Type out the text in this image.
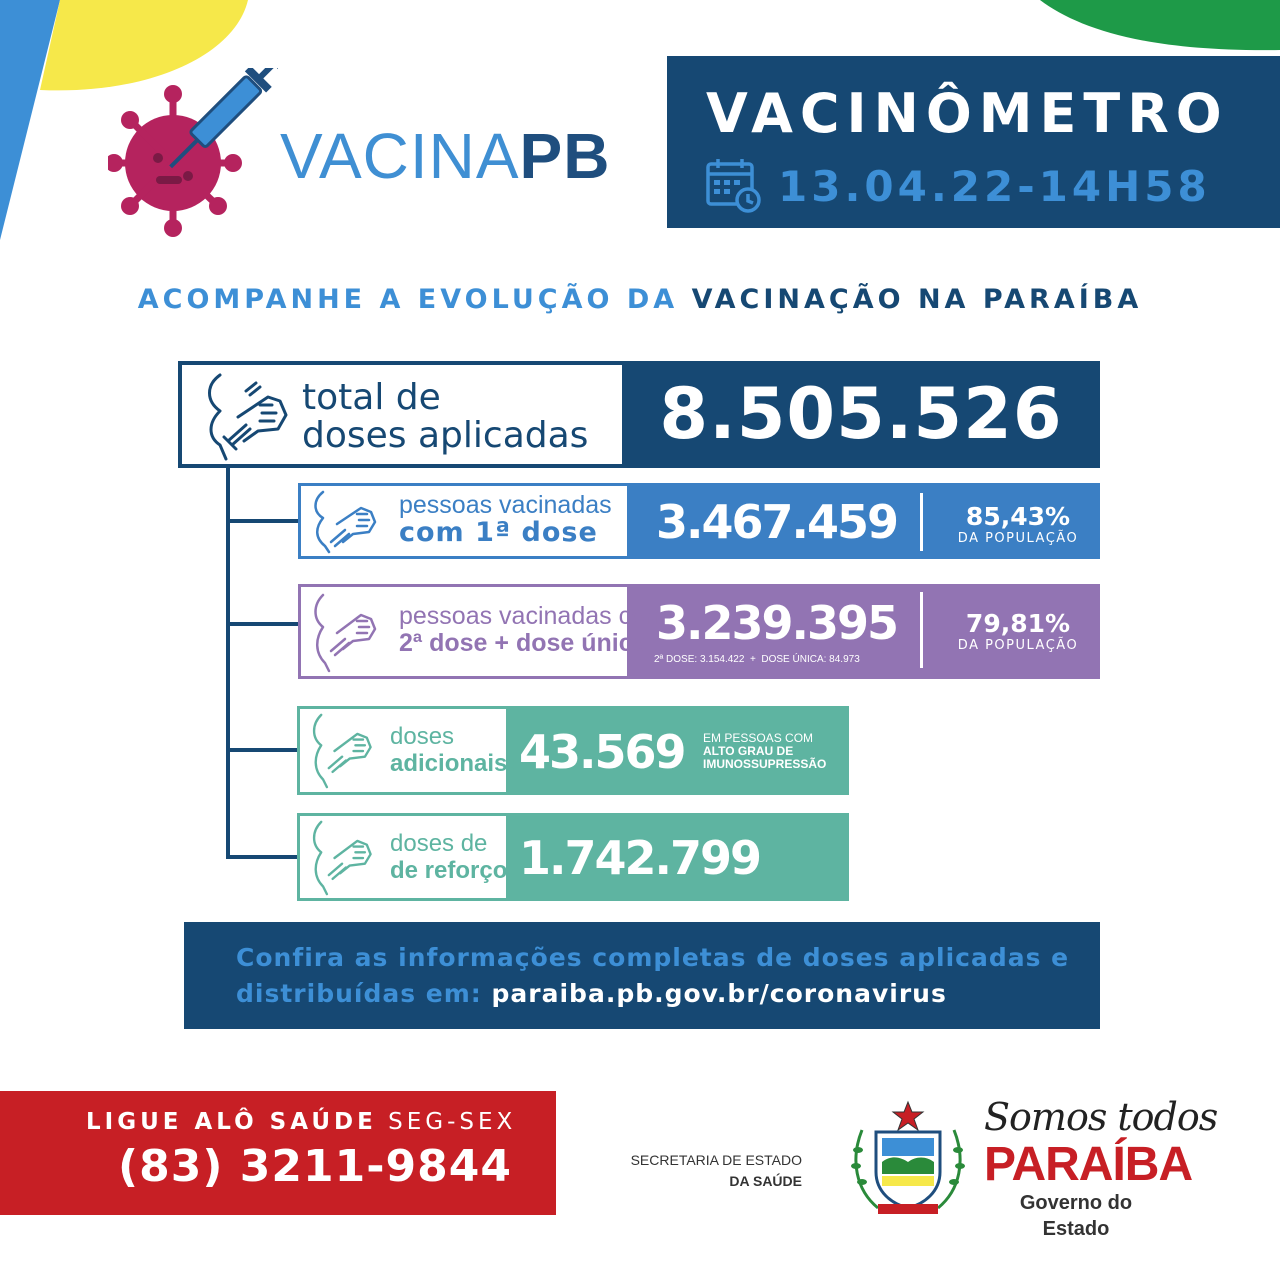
VACINAPB
VACINÔMETRO
13.04.22-14H58
ACOMPANHE A EVOLUÇÃO DA VACINAÇÃO NA PARAÍBA
total de
doses aplicadas	8.505.526
pessoas vacinadas
com 1ª dose	3.467.459	85,43%
DA POPULAÇÃO
pessoas vacinadas com
2ª dose + dose única 3.239.395
2ª DOSE: 3.154.422  +  DOSE ÚNICA: 84.973
79,81%
DA POPULAÇÃO
doses
adicionais: 43.569 EM PESSOAS COM
ALTO GRAU DE
IMUNOSSUPRESSÃO
doses de
de reforço 1.742.799
Confira as informações completas de doses aplicadas e
distribuídas em: paraiba.pb.gov.br/coronavirus
LIGUE ALÔ SAÚDE SEG-SEX
(83) 3211-9844	SECRETARIA DE ESTADO
DA SAÚDE
Somos todos
PARAÍBA
Governo do Estado
